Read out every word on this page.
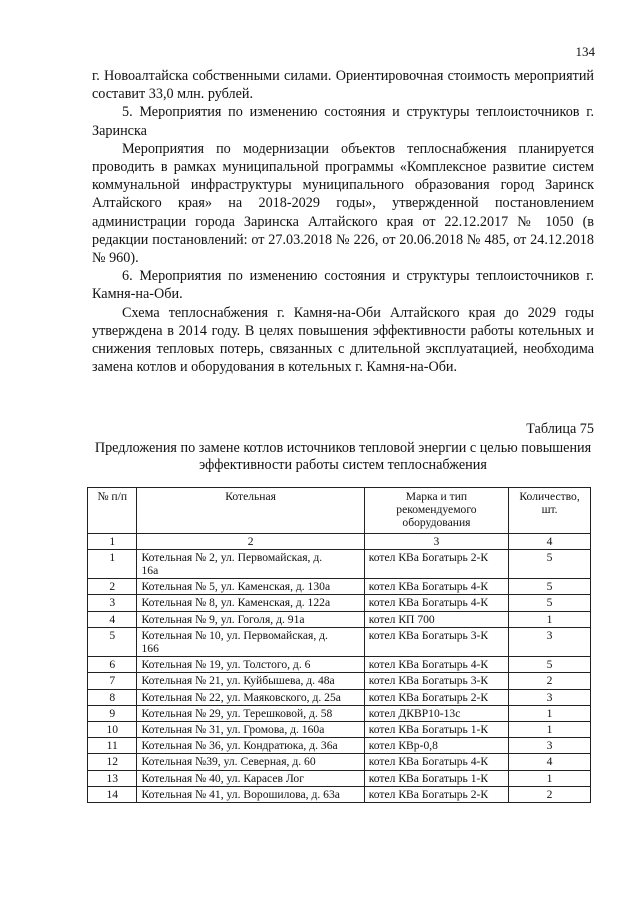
134

г. Новоалтайска собственными силами. Ориентировочная стоимость мероприятий составит 33,0 млн. рублей.

5. Мероприятия по изменению состояния и структуры теплоисточников г. Заринска

Мероприятия по модернизации объектов теплоснабжения планируется проводить в рамках муниципальной программы «Комплексное развитие систем коммунальной инфраструктуры муниципального образования город Заринск Алтайского края» на 2018-2029 годы», утвержденной постановлением администрации города Заринска Алтайского края от 22.12.2017 № 1050 (в редакции постановлений: от 27.03.2018 № 226, от 20.06.2018 № 485, от 24.12.2018 № 960).

6. Мероприятия по изменению состояния и структуры теплоисточников г. Камня-на-Оби.

Схема теплоснабжения г. Камня-на-Оби Алтайского края до 2029 годы утверждена в 2014 году. В целях повышения эффективности работы котельных и снижения тепловых потерь, связанных с длительной эксплуатацией, необходима замена котлов и оборудования в котельных г. Камня-на-Оби.

Таблица 75
Предложения по замене котлов источников тепловой энергии с целью повышения эффективности работы систем теплоснабжения
№ п/п	Котельная	Марка и тип рекомендуемого оборудования	Количество, шт.
1	2	3	4
1	Котельная № 2, ул. Первомайская, д. 16а	котел КВа Богатырь 2-К	5
2	Котельная № 5, ул. Каменская, д. 130а	котел КВа Богатырь 4-К	5
3	Котельная № 8, ул. Каменская, д. 122а	котел КВа Богатырь 4-К	5
4	Котельная № 9, ул. Гоголя, д. 91а	котел КП 700	1
5	Котельная № 10, ул. Первомайская, д. 166	котел КВа Богатырь 3-К	3
6	Котельная № 19, ул. Толстого, д. 6	котел КВа Богатырь 4-К	5
7	Котельная № 21, ул. Куйбышева, д. 48а	котел КВа Богатырь 3-К	2
8	Котельная № 22, ул. Маяковского, д. 25а	котел КВа Богатырь 2-К	3
9	Котельная № 29, ул. Терешковой, д. 58	котел ДКВР10-13с	1
10	Котельная № 31, ул. Громова, д. 160а	котел КВа Богатырь 1-К	1
11	Котельная № 36, ул. Кондратюка, д. 36а	котел КВр-0,8	3
12	Котельная №39, ул. Северная, д. 60	котел КВа Богатырь 4-К	4
13	Котельная № 40, ул. Карасев Лог	котел КВа Богатырь 1-К	1
14	Котельная № 41, ул. Ворошилова, д. 63а	котел КВа Богатырь 2-К	2
